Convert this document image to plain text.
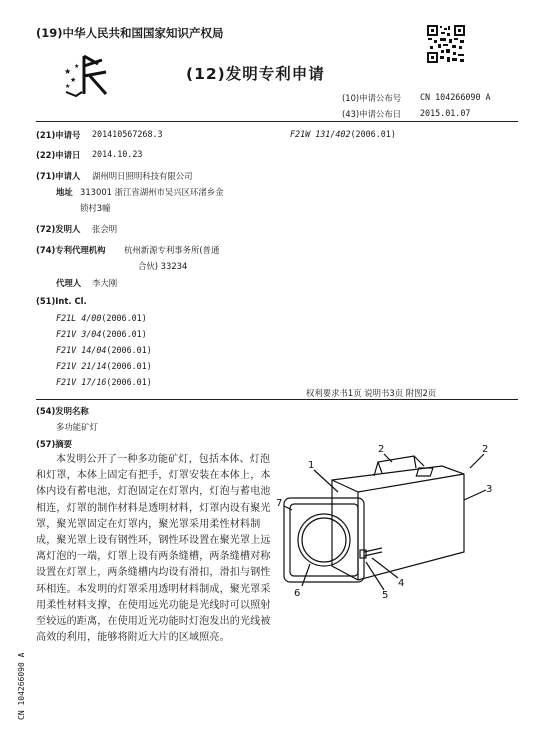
(19)中华人民共和国国家知识产权局
★
★
★
★	(12)发明专利申请
(10)申请公布号 CN 104266090 A
(43)申请公布日 2015.01.07
(21)申请号 201410567268.3	F21W 131/402(2006.01)
(22)申请日 2014.10.23
(71)申请人 湖州明日照明科技有限公司
地址 313001 浙江省湖州市吴兴区环渚乡金
锁村3幢
(72)发明人 张会明
(74)专利代理机构 杭州新源专利事务所(普通
合伙) 33234
代理人 李大刚
(51)Int. Cl.
F21L 4/00(2006.01)
F21V 3/04(2006.01)
F21V 14/04(2006.01)
F21V 21/14(2006.01)
F21V 17/16(2006.01)
权利要求书1页 说明书3页 附图2页
(54)发明名称
多功能矿灯
(57)摘要
本发明公开了一种多功能矿灯，包括本体、灯泡和灯罩，本体上固定有把手，灯罩安装在本体上，本体内设有蓄电池，灯泡固定在灯罩内，灯泡与蓄电池相连，灯罩的制作材料是透明材料，灯罩内设有聚光罩，聚光罩固定在灯罩内，聚光罩采用柔性材料制成，聚光罩上设有钢性环，钢性环设置在聚光罩上远离灯泡的一端，灯罩上设有两条缝槽，两条缝槽对称设置在灯罩上，两条缝槽内均设有滑扣，滑扣与钢性环相连。本发明的灯罩采用透明材料制成，聚光罩采用柔性材料支撑，在使用远光功能是光线时可以照射至较远的距离，在使用近光功能时灯泡发出的光线被高效的利用，能够将附近大片的区域照亮。
1
2	2
3
4
5
6
7
CN 104266090 A
